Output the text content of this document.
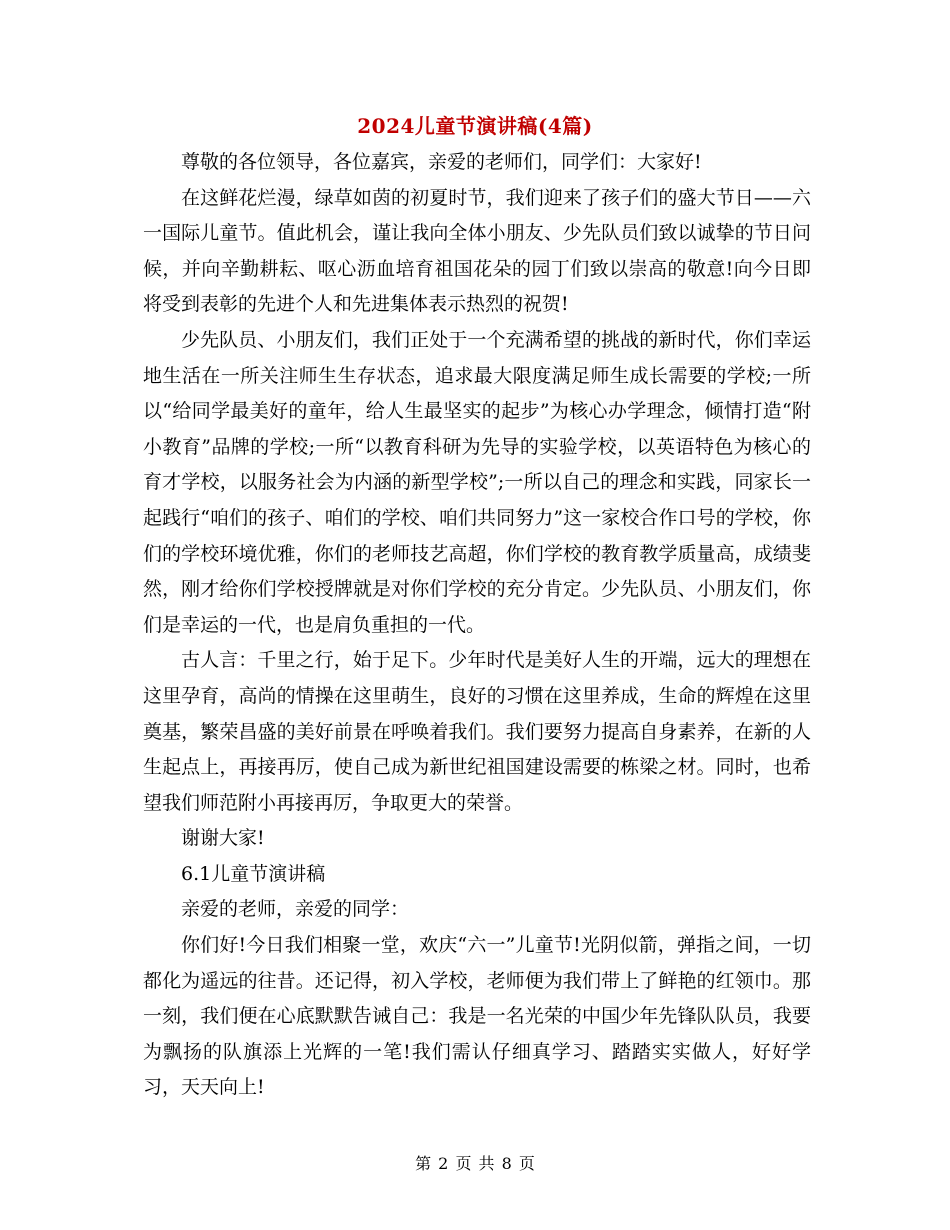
2024儿童节演讲稿(4篇)

尊敬的各位领导，各位嘉宾，亲爱的老师们，同学们：大家好!

在这鲜花烂漫，绿草如茵的初夏时节，我们迎来了孩子们的盛大节日——六一国际儿童节。值此机会，谨让我向全体小朋友、少先队员们致以诚挚的节日问候，并向辛勤耕耘、呕心沥血培育祖国花朵的园丁们致以崇高的敬意!向今日即将受到表彰的先进个人和先进集体表示热烈的祝贺!

少先队员、小朋友们，我们正处于一个充满希望的挑战的新时代，你们幸运地生活在一所关注师生生存状态，追求最大限度满足师生成长需要的学校;一所以“给同学最美好的童年，给人生最坚实的起步”为核心办学理念，倾情打造“附小教育”品牌的学校;一所“以教育科研为先导的实验学校，以英语特色为核心的育才学校，以服务社会为内涵的新型学校”;一所以自己的理念和实践，同家长一起践行“咱们的孩子、咱们的学校、咱们共同努力”这一家校合作口号的学校，你们的学校环境优雅，你们的老师技艺高超，你们学校的教育教学质量高，成绩斐然，刚才给你们学校授牌就是对你们学校的充分肯定。少先队员、小朋友们，你们是幸运的一代，也是肩负重担的一代。

古人言：千里之行，始于足下。少年时代是美好人生的开端，远大的理想在这里孕育，高尚的情操在这里萌生，良好的习惯在这里养成，生命的辉煌在这里奠基，繁荣昌盛的美好前景在呼唤着我们。我们要努力提高自身素养，在新的人生起点上，再接再厉，使自己成为新世纪祖国建设需要的栋梁之材。同时，也希望我们师范附小再接再厉，争取更大的荣誉。

谢谢大家!

6.1儿童节演讲稿

亲爱的老师，亲爱的同学：

你们好!今日我们相聚一堂，欢庆“六一”儿童节!光阴似箭，弹指之间，一切都化为遥远的往昔。还记得，初入学校，老师便为我们带上了鲜艳的红领巾。那一刻，我们便在心底默默告诫自己：我是一名光荣的中国少年先锋队队员，我要为飘扬的队旗添上光辉的一笔!我们需认仔细真学习、踏踏实实做人，好好学习，天天向上!

第 2 页 共 8 页
